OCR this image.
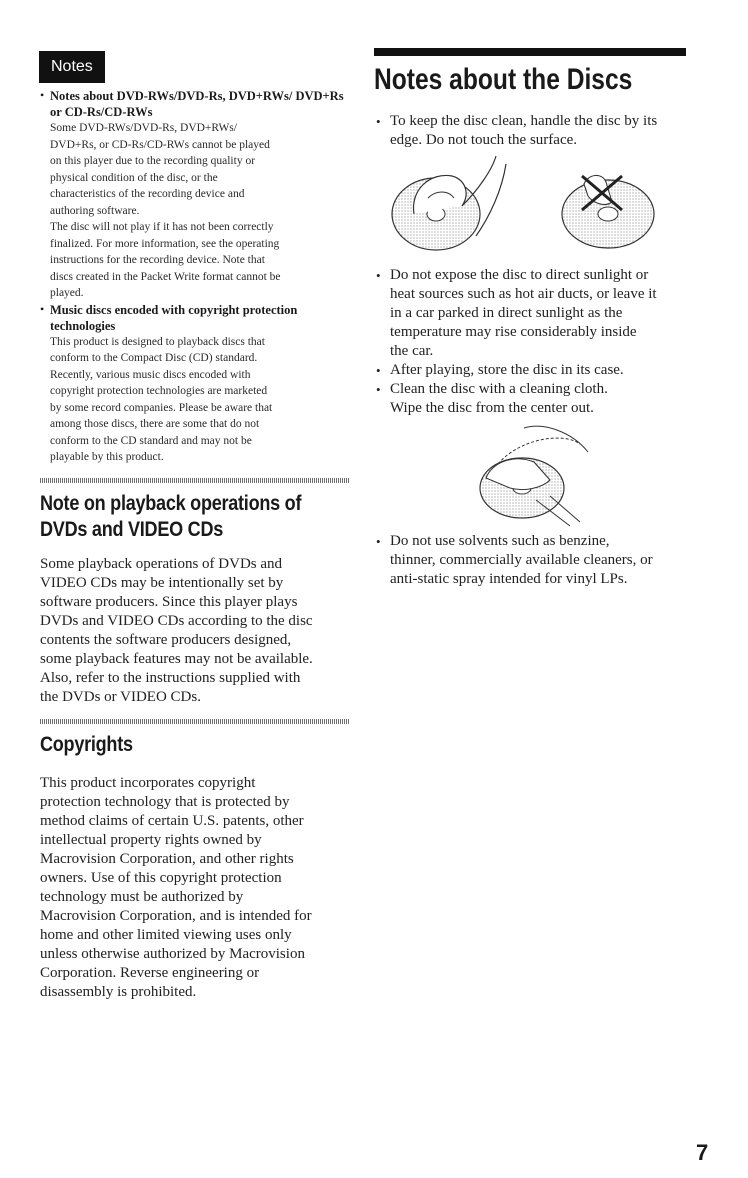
Notes
• Notes about DVD-RWs/DVD-Rs, DVD+RWs/ DVD+Rs or CD-Rs/CD-RWs
Some DVD-RWs/DVD-Rs, DVD+RWs/
DVD+Rs, or CD-Rs/CD-RWs cannot be played
on this player due to the recording quality or
physical condition of the disc, or the
characteristics of the recording device and
authoring software.
The disc will not play if it has not been correctly
finalized. For more information, see the operating
instructions for the recording device. Note that
discs created in the Packet Write format cannot be
played.
• Music discs encoded with copyright protection technologies
This product is designed to playback discs that
conform to the Compact Disc (CD) standard.
Recently, various music discs encoded with
copyright protection technologies are marketed
by some record companies. Please be aware that
among those discs, there are some that do not
conform to the CD standard and may not be
playable by this product.
Note on playback operations of
DVDs and VIDEO CDs
Some playback operations of DVDs and
VIDEO CDs may be intentionally set by
software producers. Since this player plays
DVDs and VIDEO CDs according to the disc
contents the software producers designed,
some playback features may not be available.
Also, refer to the instructions supplied with
the DVDs or VIDEO CDs.
Copyrights
This product incorporates copyright
protection technology that is protected by
method claims of certain U.S. patents, other
intellectual property rights owned by
Macrovision Corporation, and other rights
owners. Use of this copyright protection
technology must be authorized by
Macrovision Corporation, and is intended for
home and other limited viewing uses only
unless otherwise authorized by Macrovision
Corporation. Reverse engineering or
disassembly is prohibited.
Notes about the Discs
• To keep the disc clean, handle the disc by its
edge. Do not touch the surface.
• Do not expose the disc to direct sunlight or
heat sources such as hot air ducts, or leave it
in a car parked in direct sunlight as the
temperature may rise considerably inside
the car.
• After playing, store the disc in its case.
• Clean the disc with a cleaning cloth.
Wipe the disc from the center out.
• Do not use solvents such as benzine,
thinner, commercially available cleaners, or
anti-static spray intended for vinyl LPs.
7
